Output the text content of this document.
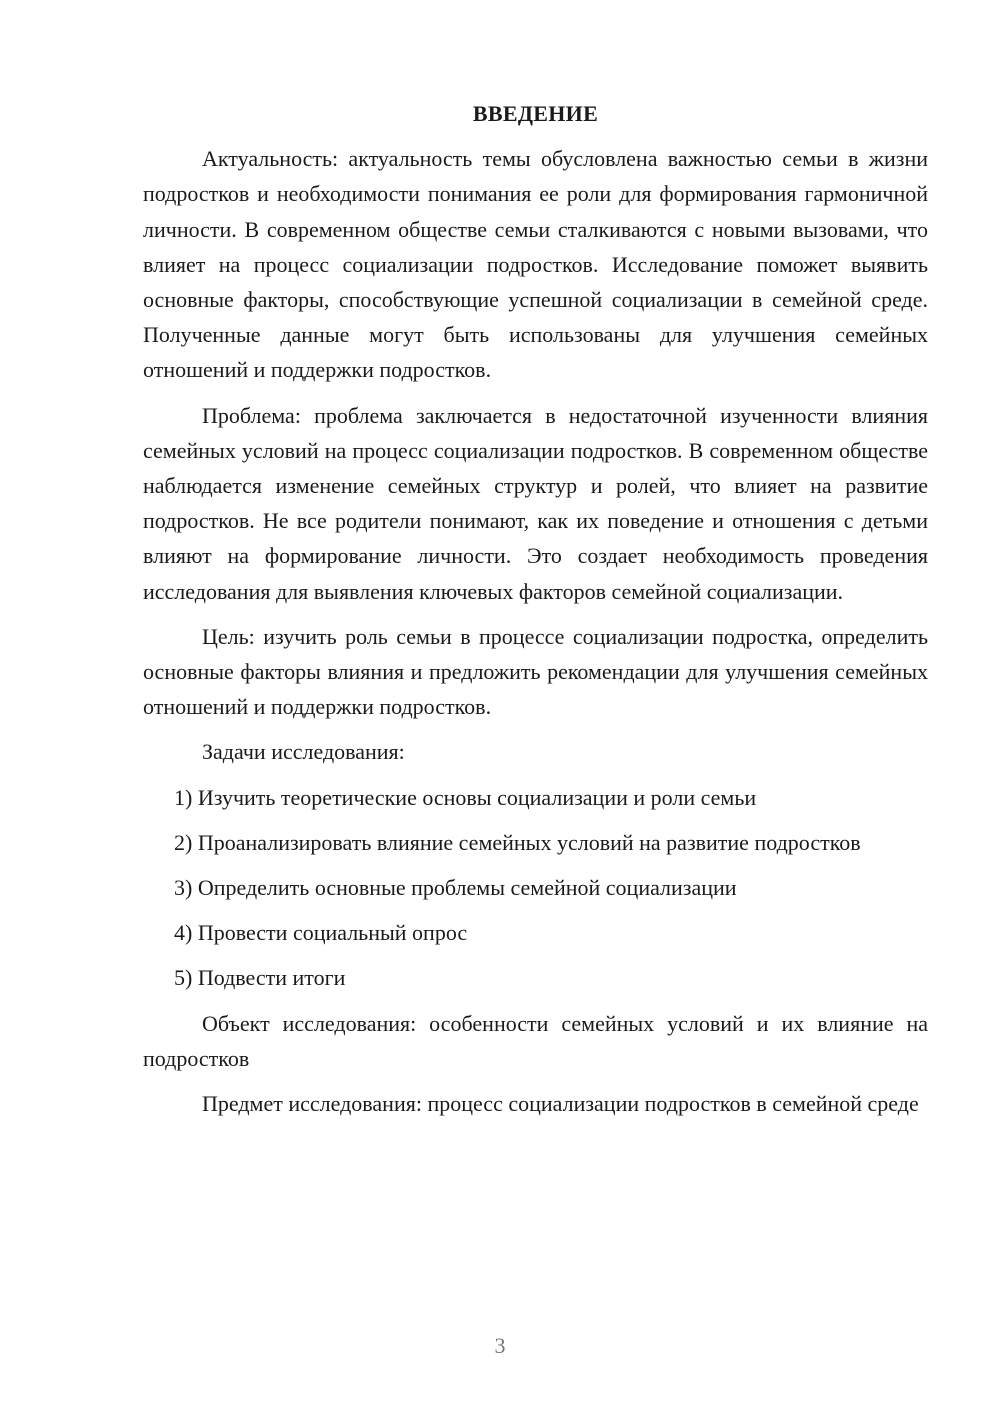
ВВЕДЕНИЕ

Актуальность: актуальность темы обусловлена важностью семьи в жизни подростков и необходимости понимания ее роли для формирования гармоничной личности. В современном обществе семьи сталкиваются с новыми вызовами, что влияет на процесс социализации подростков. Исследование поможет выявить основные факторы, способствующие успешной социализации в семейной среде. Полученные данные могут быть использованы для улучшения семейных отношений и поддержки подростков.

Проблема: проблема заключается в недостаточной изученности влияния семейных условий на процесс социализации подростков. В современном обществе наблюдается изменение семейных структур и ролей, что влияет на развитие подростков. Не все родители понимают, как их поведение и отношения с детьми влияют на формирование личности. Это создает необходимость проведения исследования для выявления ключевых факторов семейной социализации.

Цель: изучить роль семьи в процессе социализации подростка, определить основные факторы влияния и предложить рекомендации для улучшения семейных отношений и поддержки подростков.

Задачи исследования:

1) Изучить теоретические основы социализации и роли семьи

2) Проанализировать влияние семейных условий на развитие подростков

3) Определить основные проблемы семейной социализации

4) Провести социальный опрос

5) Подвести итоги

Объект исследования: особенности семейных условий и их влияние на подростков

Предмет исследования: процесс социализации подростков в семейной среде

3
